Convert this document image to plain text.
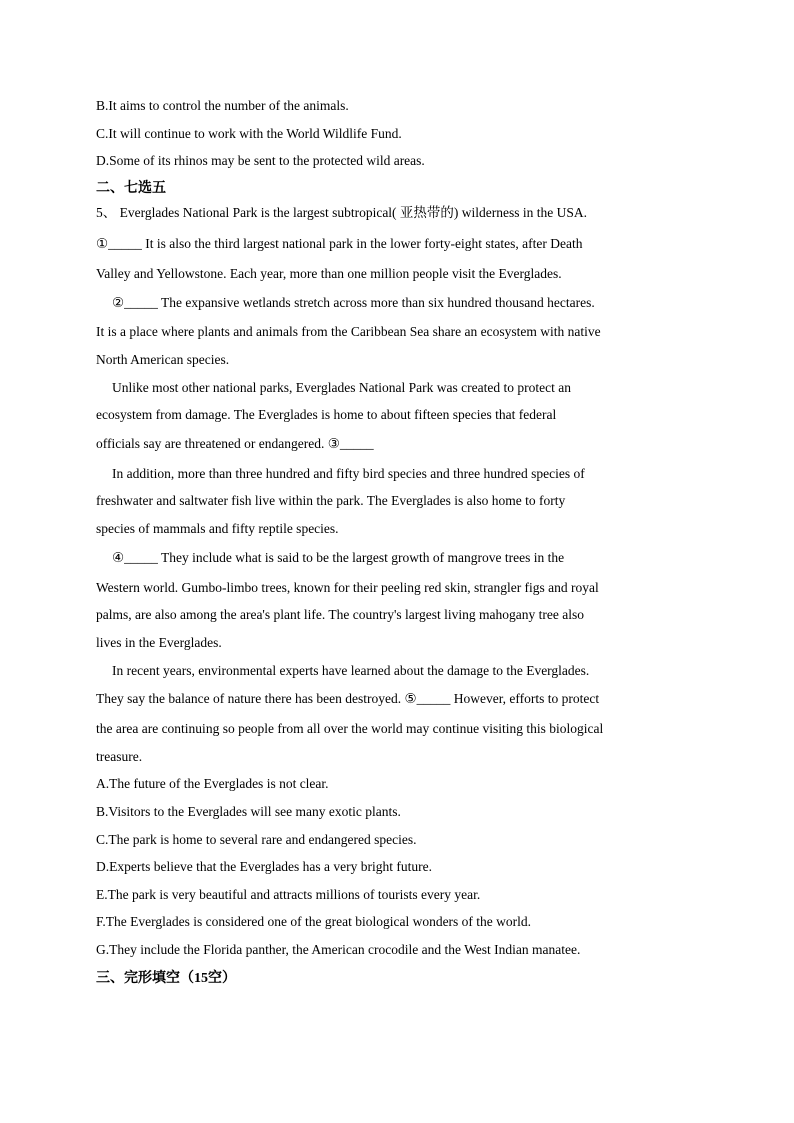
B.It aims to control the number of the animals.
C.It will continue to work with the World Wildlife Fund.
D.Some of its rhinos may be sent to the protected wild areas.
二、七选五
5、 Everglades National Park is the largest subtropical( 亚热带的) wilderness in the USA.
①_____ It is also the third largest national park in the lower forty-eight states, after Death
Valley and Yellowstone. Each year, more than one million people visit the Everglades.
②_____ The expansive wetlands stretch across more than six hundred thousand hectares.
It is a place where plants and animals from the Caribbean Sea share an ecosystem with native
North American species.
Unlike most other national parks, Everglades National Park was created to protect an
ecosystem from damage. The Everglades is home to about fifteen species that federal
officials say are threatened or endangered. ③_____
In addition, more than three hundred and fifty bird species and three hundred species of
freshwater and saltwater fish live within the park. The Everglades is also home to forty
species of mammals and fifty reptile species.
④_____ They include what is said to be the largest growth of mangrove trees in the
Western world. Gumbo-limbo trees, known for their peeling red skin, strangler figs and royal
palms, are also among the area's plant life. The country's largest living mahogany tree also
lives in the Everglades.
In recent years, environmental experts have learned about the damage to the Everglades.
They say the balance of nature there has been destroyed. ⑤_____ However, efforts to protect
the area are continuing so people from all over the world may continue visiting this biological
treasure.
A.The future of the Everglades is not clear.
B.Visitors to the Everglades will see many exotic plants.
C.The park is home to several rare and endangered species.
D.Experts believe that the Everglades has a very bright future.
E.The park is very beautiful and attracts millions of tourists every year.
F.The Everglades is considered one of the great biological wonders of the world.
G.They include the Florida panther, the American crocodile and the West Indian manatee.
三、完形填空（15空）
